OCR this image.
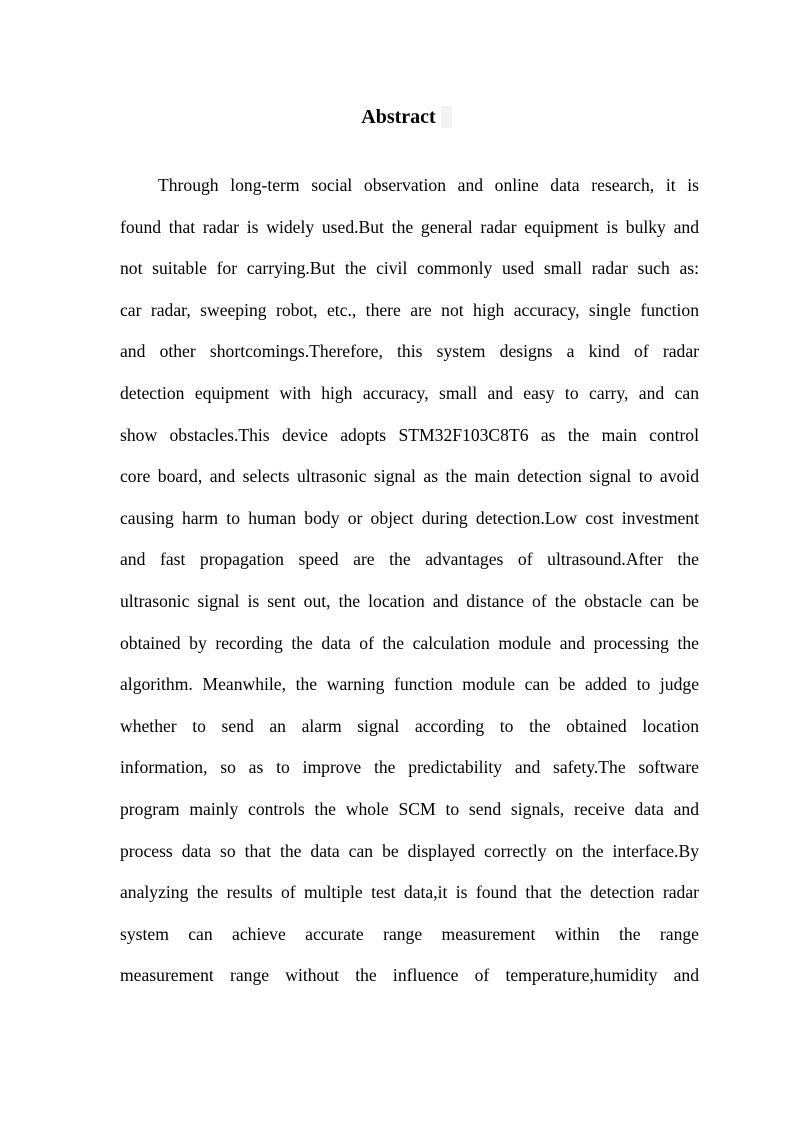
Abstract
Through long-term social observation and online data research, it is
found that radar is widely used.But the general radar equipment is bulky and
not suitable for carrying.But the civil commonly used small radar such as:
car radar, sweeping robot, etc., there are not high accuracy, single function
and other shortcomings.Therefore, this system designs a kind of radar
detection equipment with high accuracy, small and easy to carry, and can
show obstacles.This device adopts STM32F103C8T6 as the main control
core board, and selects ultrasonic signal as the main detection signal to avoid
causing harm to human body or object during detection.Low cost investment
and fast propagation speed are the advantages of ultrasound.After the
ultrasonic signal is sent out, the location and distance of the obstacle can be
obtained by recording the data of the calculation module and processing the
algorithm. Meanwhile, the warning function module can be added to judge
whether to send an alarm signal according to the obtained location
information, so as to improve the predictability and safety.The software
program mainly controls the whole SCM to send signals, receive data and
process data so that the data can be displayed correctly on the interface.By
analyzing the results of multiple test data,it is found that the detection radar
system can achieve accurate range measurement within the range
measurement range without the influence of temperature,humidity and
